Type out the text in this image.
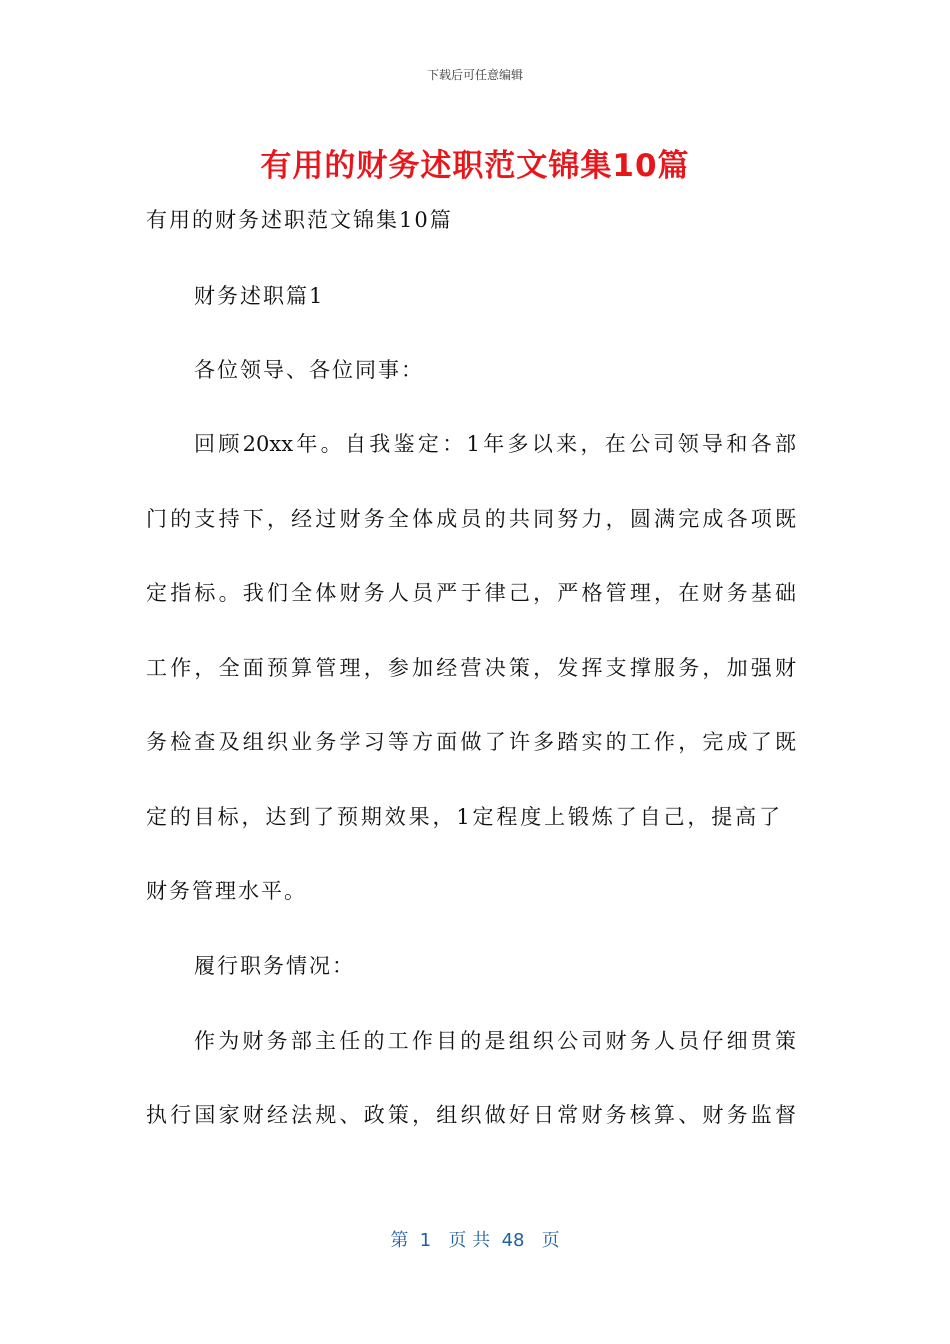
下载后可任意编辑
有用的财务述职范文锦集10篇
有用的财务述职范文锦集10篇
财务述职篇1
各位领导、各位同事：
回顾20xx年。自我鉴定：1年多以来，在公司领导和各部
门的支持下，经过财务全体成员的共同努力，圆满完成各项既
定指标。我们全体财务人员严于律己，严格管理，在财务基础
工作，全面预算管理，参加经营决策，发挥支撑服务，加强财
务检查及组织业务学习等方面做了许多踏实的工作，完成了既
定的目标，达到了预期效果，1定程度上锻炼了自己，提高了
财务管理水平。
履行职务情况：
作为财务部主任的工作目的是组织公司财务人员仔细贯策
执行国家财经法规、政策，组织做好日常财务核算、财务监督
第  1   页 共  48   页
